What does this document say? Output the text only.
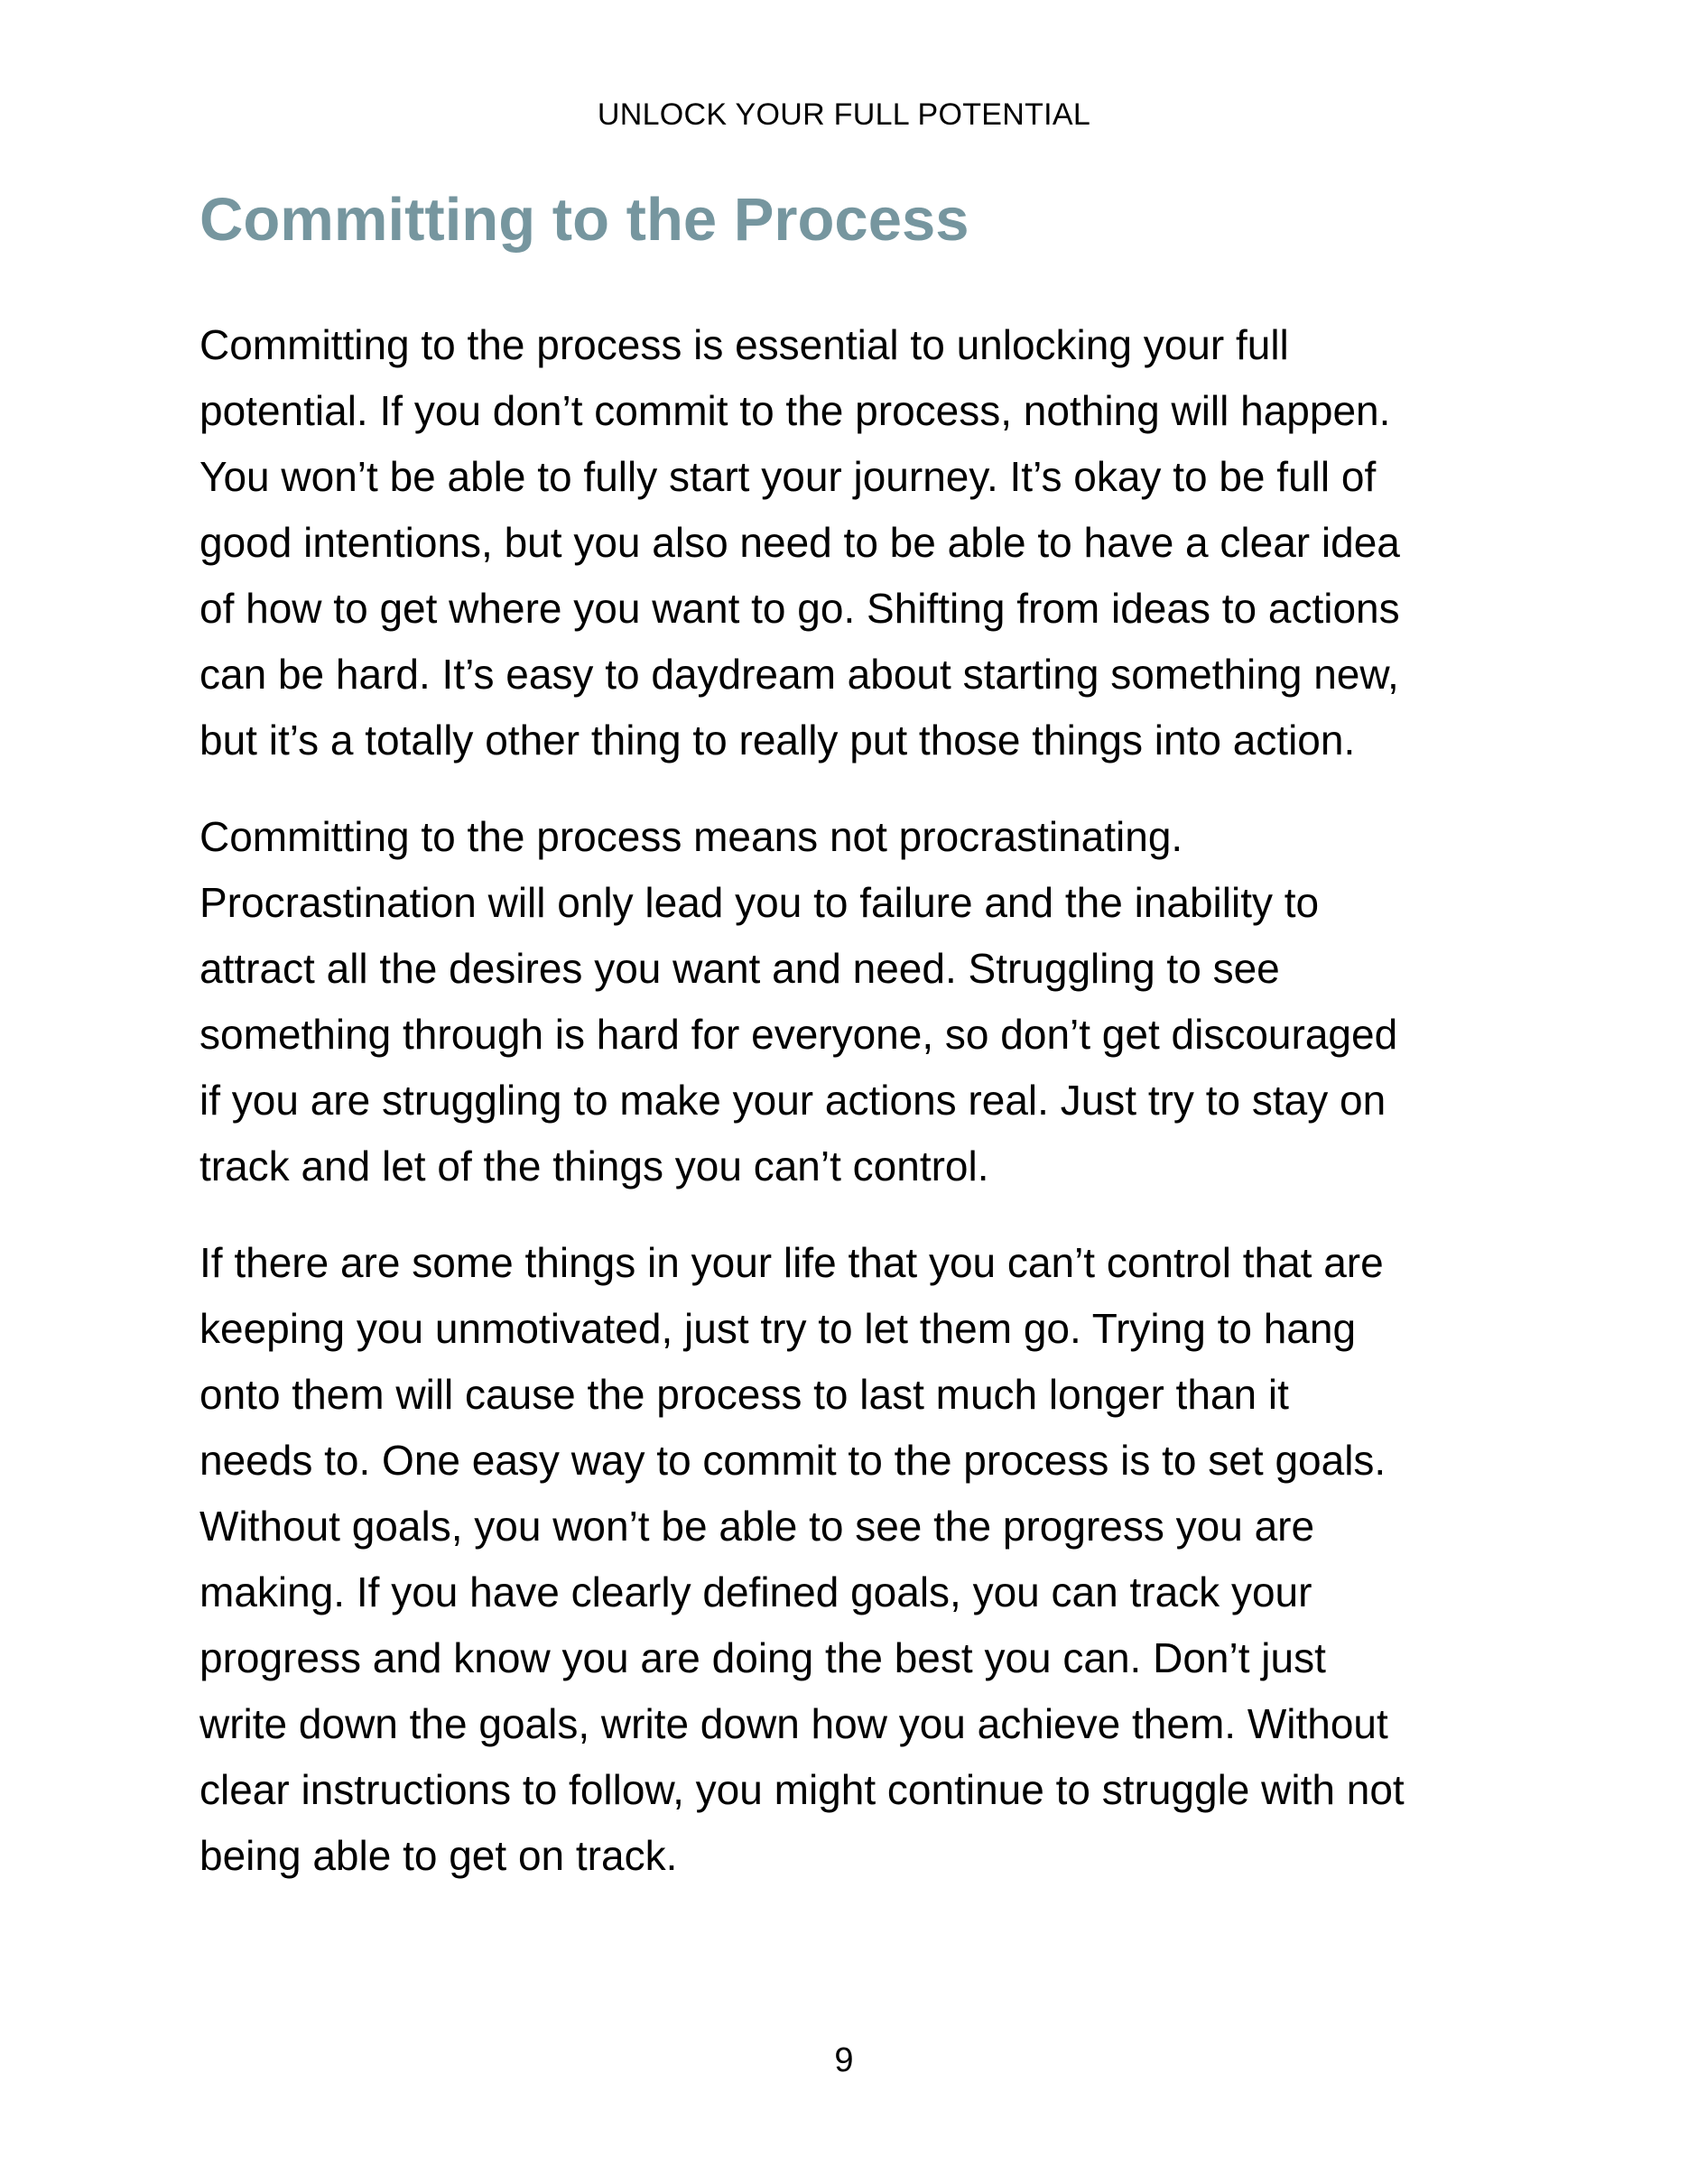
UNLOCK YOUR FULL POTENTIAL
Committing to the Process

Committing to the process is essential to unlocking your full
potential. If you don’t commit to the process, nothing will happen.
You won’t be able to fully start your journey. It’s okay to be full of
good intentions, but you also need to be able to have a clear idea
of how to get where you want to go. Shifting from ideas to actions
can be hard. It’s easy to daydream about starting something new,
but it’s a totally other thing to really put those things into action.

Committing to the process means not procrastinating.
Procrastination will only lead you to failure and the inability to
attract all the desires you want and need. Struggling to see
something through is hard for everyone, so don’t get discouraged
if you are struggling to make your actions real. Just try to stay on
track and let of the things you can’t control.

If there are some things in your life that you can’t control that are
keeping you unmotivated, just try to let them go. Trying to hang
onto them will cause the process to last much longer than it
needs to. One easy way to commit to the process is to set goals.
Without goals, you won’t be able to see the progress you are
making. If you have clearly defined goals, you can track your
progress and know you are doing the best you can. Don’t just
write down the goals, write down how you achieve them. Without
clear instructions to follow, you might continue to struggle with not
being able to get on track.

9
